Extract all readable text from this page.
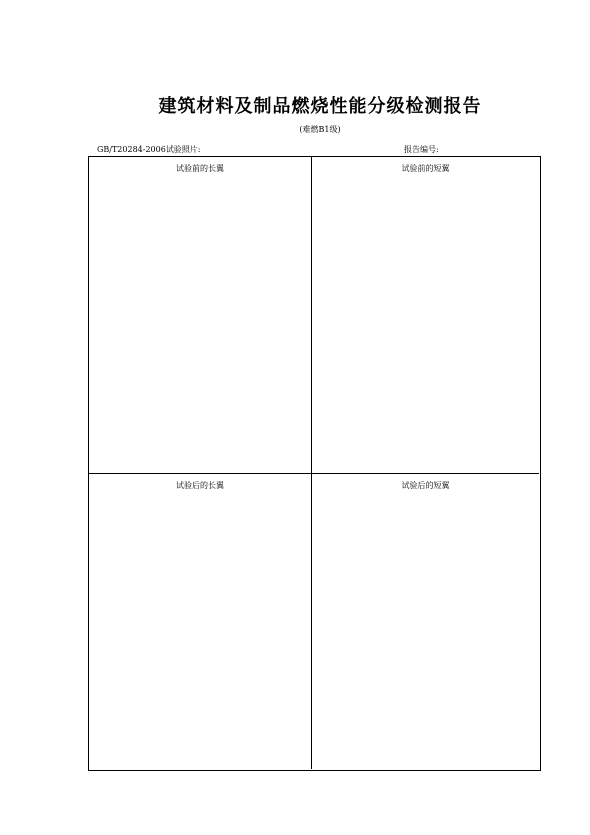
建筑材料及制品燃烧性能分级检测报告
(难燃B1级)
GB/T20284-2006试验照片:	报告编号:
试验前的长翼	试验前的短翼
试验后的长翼	试验后的短翼
